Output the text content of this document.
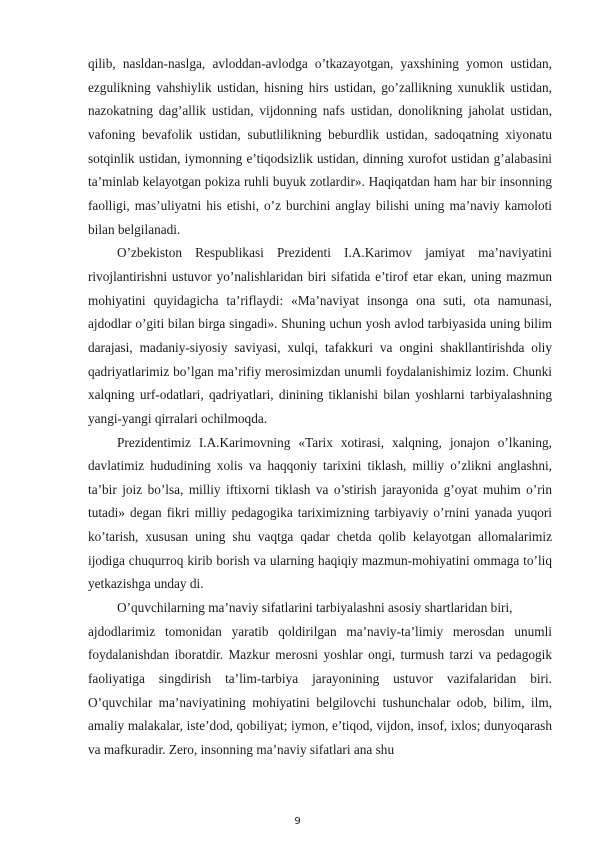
qilib, nasldan-naslga, avloddan-avlodga o’tkazayotgan, yaxshining yomon ustidan, ezgulikning vahshiylik ustidan, hisning hirs ustidan, go’zallikning xunuklik ustidan, nazokatning dag’allik ustidan, vijdonning nafs ustidan, donolikning jaholat ustidan, vafoning bevafolik ustidan, subutlilikning beburdlik ustidan, sadoqatning xiyonatu sotqinlik ustidan, iymonning e’tiqodsizlik ustidan, dinning xurofot ustidan g’alabasini ta’minlab kelayotgan pokiza ruhli buyuk zotlardir». Haqiqatdan ham har bir insonning faolligi, mas’uliyatni his etishi, o’z burchini anglay bilishi uning ma’naviy kamoloti bilan belgilanadi.

O’zbekiston Respublikasi Prezidenti I.A.Karimov jamiyat ma’naviyatini rivojlantirishni ustuvor yo’nalishlaridan biri sifatida e’tirof etar ekan, uning mazmun mohiyatini quyidagicha ta’riflaydi: «Ma’naviyat insonga ona suti, ota namunasi, ajdodlar o’giti bilan birga singadi». Shuning uchun yosh avlod tarbiyasida uning bilim darajasi, madaniy-siyosiy saviyasi, xulqi, tafakkuri va ongini shakllantirishda oliy qadriyatlarimiz bo’lgan ma’rifiy merosimizdan unumli foydalanishimiz lozim. Chunki xalqning urf-odatlari, qadriyatlari, dinining tiklanishi bilan yoshlarni tarbiyalashning yangi-yangi qirralari ochilmoqda.

Prezidentimiz I.A.Karimovning «Tarix xotirasi, xalqning, jonajon o’lkaning, davlatimiz hududining xolis va haqqoniy tarixini tiklash, milliy o’zlikni anglashni, ta’bir joiz bo’lsa, milliy iftixorni tiklash va o’stirish jarayonida g’oyat muhim o’rin tutadi» degan fikri milliy pedagogika tariximizning tarbiyaviy o’rnini yanada yuqori ko’tarish, xususan uning shu vaqtga qadar chetda qolib kelayotgan allomalarimiz ijodiga chuqurroq kirib borish va ularning haqiqiy mazmun-mohiyatini ommaga to’liq yetkazishga unday di.

O’quvchilarning ma’naviy sifatlarini tarbiyalashni asosiy shartlaridan biri,

ajdodlarimiz tomonidan yaratib qoldirilgan ma’naviy-ta’limiy merosdan unumli foydalanishdan iboratdir. Mazkur merosni yoshlar ongi, turmush tarzi va pedagogik faoliyatiga singdirish ta’lim-tarbiya jarayonining ustuvor vazifalaridan biri. O’quvchilar ma’naviyatining mohiyatini belgilovchi tushunchalar odob, bilim, ilm, amaliy malakalar, iste’dod, qobiliyat; iymon, e’tiqod, vijdon, insof, ixlos; dunyoqarash va mafkuradir. Zero, insonning ma’naviy sifatlari ana shu

9
